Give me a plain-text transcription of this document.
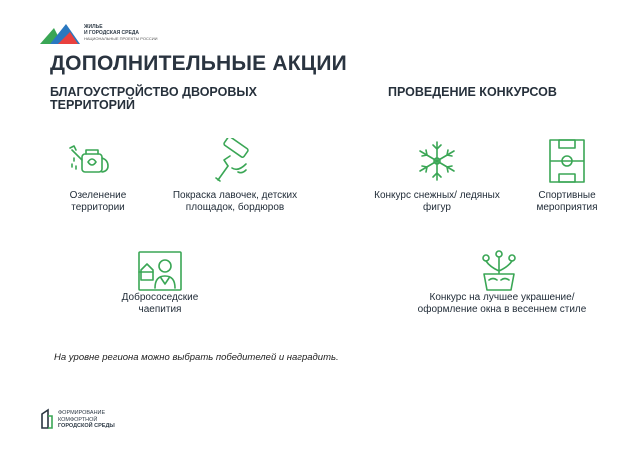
ЖИЛЬЕ
И ГОРОДСКАЯ СРЕДА
НАЦИОНАЛЬНЫЕ ПРОЕКТЫ РОССИИ
ДОПОЛНИТЕЛЬНЫЕ АКЦИИ
БЛАГОУСТРОЙСТВО ДВОРОВЫХ ТЕРРИТОРИЙ
ПРОВЕДЕНИЕ КОНКУРСОВ
Озеленение территории
Покраска лавочек, детских площадок, бордюров
Добрососедские чаепития
Конкурс снежных/ ледяных фигур
Спортивные мероприятия
Конкурс на лучшее украшение/ оформление окна в весеннем стиле
На уровне региона можно выбрать победителей и наградить.
ФОРМИРОВАНИЕ
КОМФОРТНОЙ
ГОРОДСКОЙ СРЕДЫ
